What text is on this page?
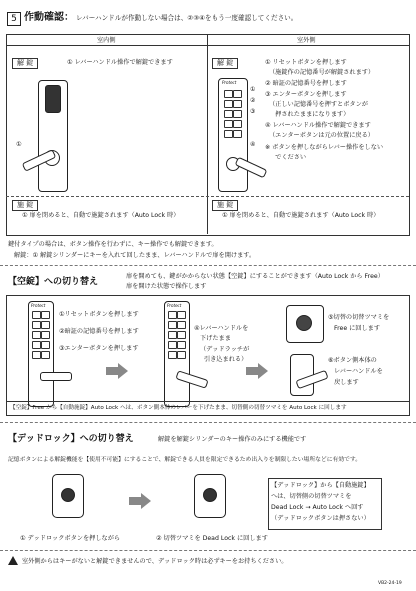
5 作動確認： レバーハンドルが作動しない場合は、②③④をもう一度確認してください。
室内側	室外側
解 錠	① レバーハンドル操作で解錠できます	解 錠	① リセットボタンを押します
（施錠作の記憶番号が解錠されます）
② 暗証の記憶番号を押します
③ エンターボタンを押します
（正しい記憶番号を押すとボタンが
　押されたままになります）
④ レバーハンドル操作で解錠できます
（エンターボタンは元の位置に戻る）
※ ボタンを押しながらレバー操作をしない
　でください
①
Protect
①
②
③

④
施 錠
① 扉を閉めると、自動で施錠されます（Auto Lock 時）
施 錠
① 扉を閉めると、自動で施錠されます（Auto Lock 時）
鍵付タイプの場合は、ボタン操作を行わずに、キー操作でも解錠できます。
解錠：① 解錠シリンダーにキーを入れて回したまま、レバーハンドルで扉を開けます。
【空錠】への切り替え
扉を開めても、鍵がかからない状態【空錠】にすることができます（Auto Lock から Free）
扉を開けた状態で操作します
Protect
①リセットボタンを押します
②暗証の記憶番号を押します
③エンターボタンを押します
Protect
④レバーハンドルを
下げたまま
（デッドラッチが
引き込まれる）
⑤切替の切替ツマミを
Free に回します
⑥ボタン側本体の
レバーハンドルを
戻します
【空錠】Free から【自動施錠】Auto Lock へは、ボタン側本体のレバーを下げたまま、切替側の切替ツマミを Auto Lock に回します
【デッドロック】への切り替え	解錠を解錠シリンダーのキー操作のみにする機能です
記憶ボタンによる解錠機能を【使用不可能】にすることで、解錠できる人員を限定できるため出入りを制限したい場所などに有効です。
① デッドロックボタンを押しながら	② 切替ツマミを Dead Lock に回します
【デッドロック】から【自動施錠】
へは、切替側の切替ツマミを
Dead Lock → Auto Lock へ回す
（デッドロックボタンは押さない）
室外側からはキーがないと解錠できませんので、デッドロック時は必ずキーをお持ちください。
VB2-24-19
